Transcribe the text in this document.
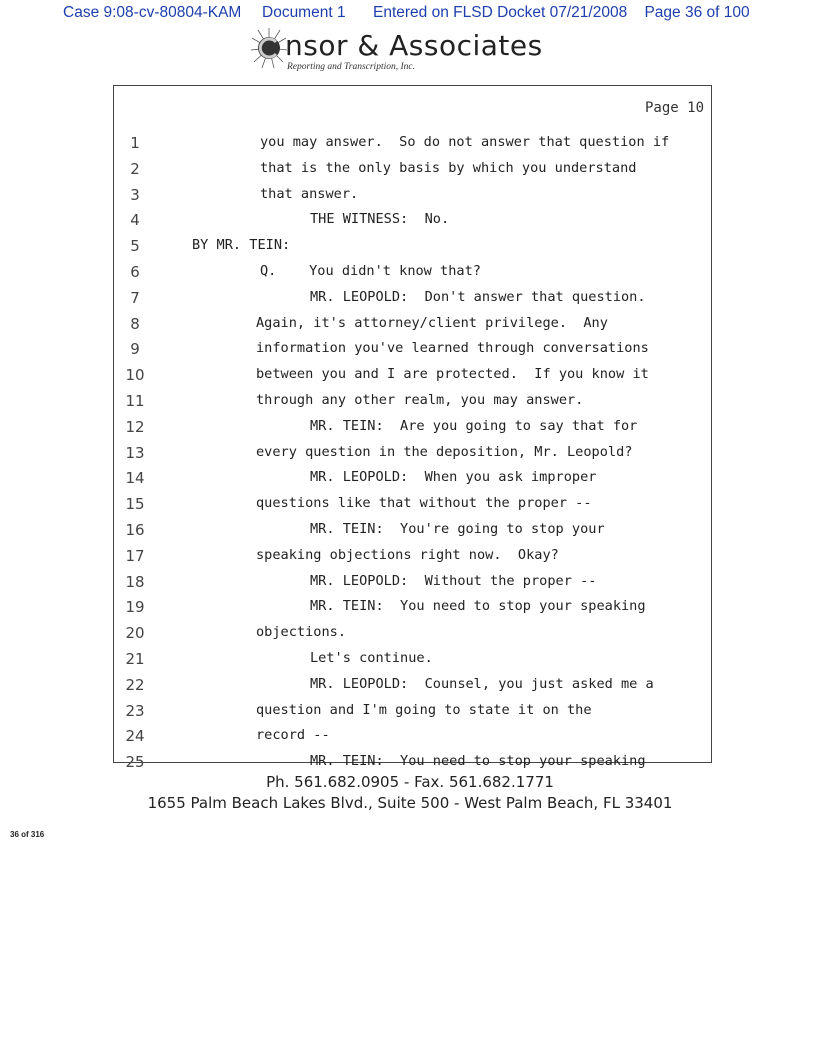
Case 9:08-cv-80804-KAM Document 1 Entered on FLSD Docket 07/21/2008 Page 36 of 100
nsor & Associates
Reporting and Transcription, Inc.
Page 10
1	you may answer.  So do not answer that question if
2	that is the only basis by which you understand
3	that answer.
4	THE WITNESS:  No.
5	BY MR. TEIN:
6	Q.    You didn't know that?
7	MR. LEOPOLD:  Don't answer that question.
8	Again, it's attorney/client privilege.  Any
9	information you've learned through conversations
10	between you and I are protected.  If you know it
11	through any other realm, you may answer.
12	MR. TEIN:  Are you going to say that for
13	every question in the deposition, Mr. Leopold?
14	MR. LEOPOLD:  When you ask improper
15	questions like that without the proper --
16	MR. TEIN:  You're going to stop your
17	speaking objections right now.  Okay?
18	MR. LEOPOLD:  Without the proper --
19	MR. TEIN:  You need to stop your speaking
20	objections.
21	Let's continue.
22	MR. LEOPOLD:  Counsel, you just asked me a
23	question and I'm going to state it on the
24	record --
25	MR. TEIN:  You need to stop your speaking
Ph. 561.682.0905 - Fax. 561.682.1771
1655 Palm Beach Lakes Blvd., Suite 500 - West Palm Beach, FL 33401
36 of 316
